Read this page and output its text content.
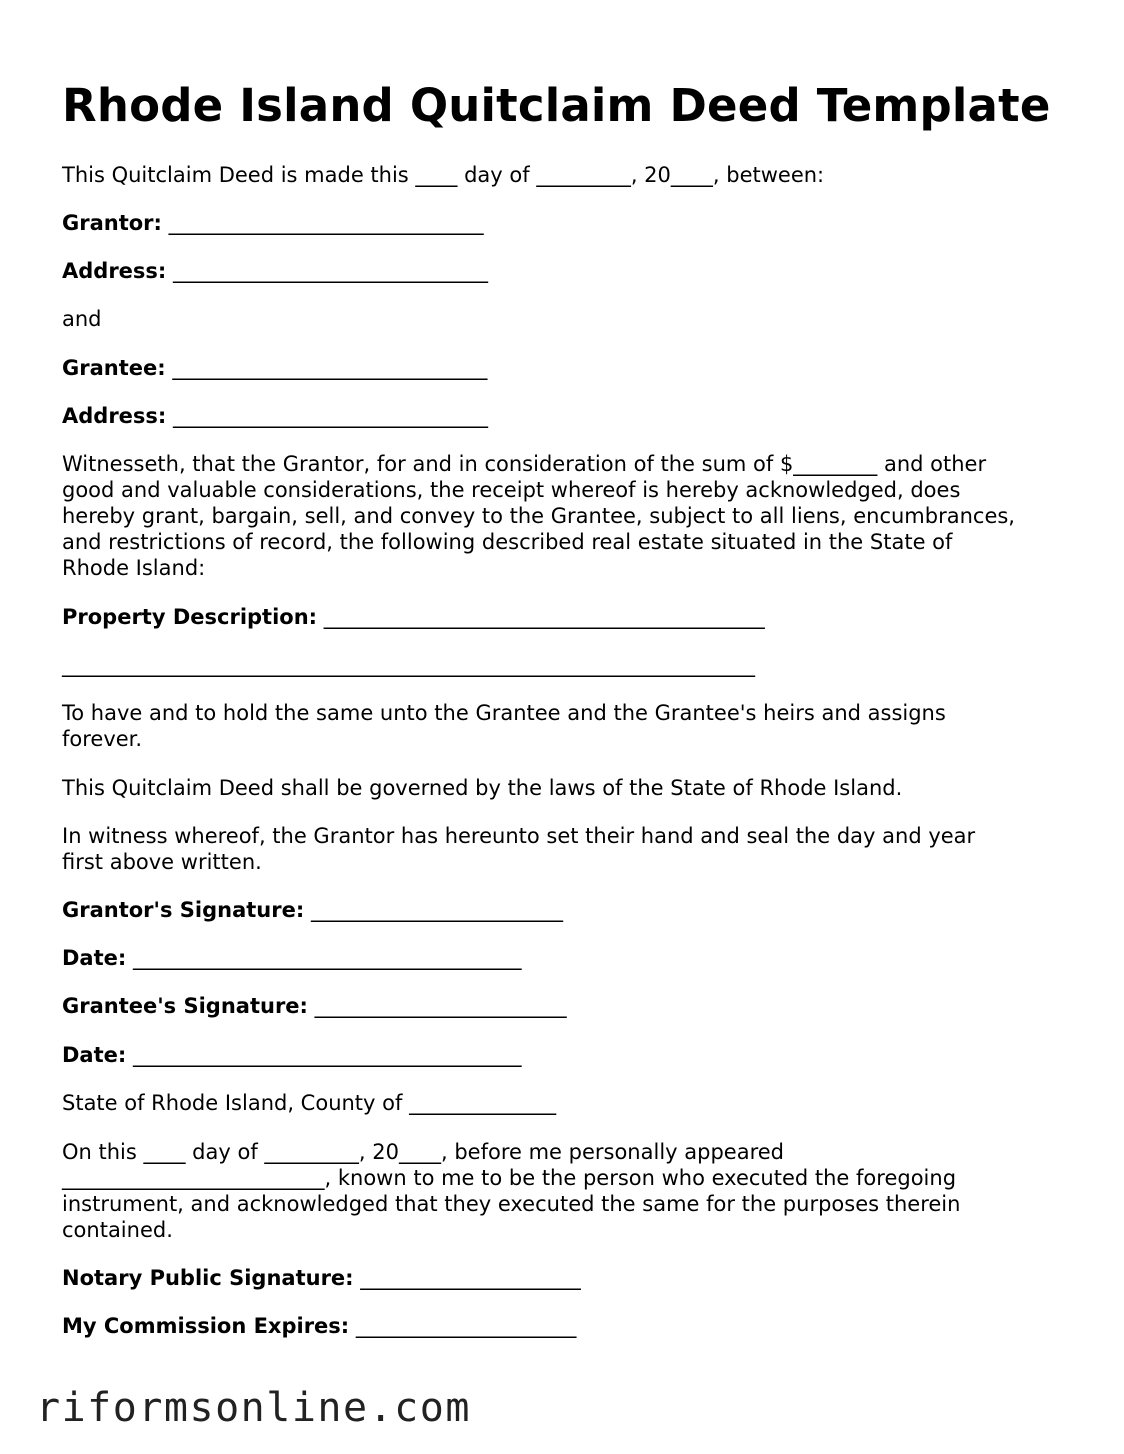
Rhode Island Quitclaim Deed Template

This Quitclaim Deed is made this ____ day of _________, 20____, between:

Grantor: ______________________________

Address: ______________________________

and

Grantee: ______________________________

Address: ______________________________

Witnesseth, that the Grantor, for and in consideration of the sum of $________ and other
good and valuable considerations, the receipt whereof is hereby acknowledged, does
hereby grant, bargain, sell, and convey to the Grantee, subject to all liens, encumbrances,
and restrictions of record, the following described real estate situated in the State of
Rhode Island:

Property Description: __________________________________________

__________________________________________________________________

To have and to hold the same unto the Grantee and the Grantee's heirs and assigns
forever.

This Quitclaim Deed shall be governed by the laws of the State of Rhode Island.

In witness whereof, the Grantor has hereunto set their hand and seal the day and year
first above written.

Grantor's Signature: ________________________

Date: _____________________________________

Grantee's Signature: ________________________

Date: _____________________________________

State of Rhode Island, County of ______________

On this ____ day of _________, 20____, before me personally appeared
_________________________, known to me to be the person who executed the foregoing
instrument, and acknowledged that they executed the same for the purposes therein
contained.

Notary Public Signature: _____________________

My Commission Expires: _____________________

riformsonline.com
